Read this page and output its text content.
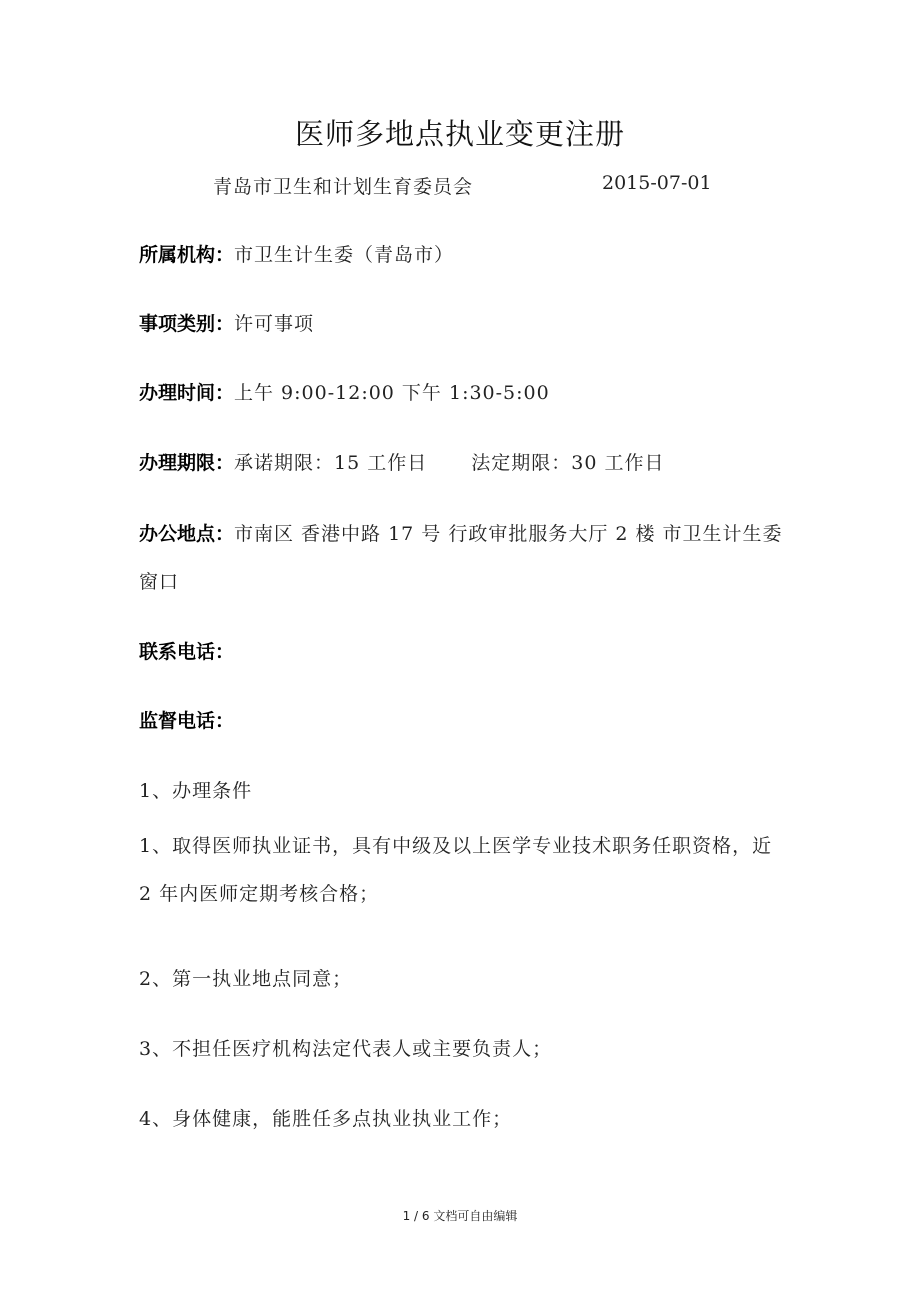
医师多地点执业变更注册
青岛市卫生和计划生育委员会	2015-07-01
所属机构：市卫生计生委（青岛市）
事项类别：许可事项
办理时间：上午 9:00-12:00 下午 1:30-5:00
办理期限：承诺期限：15 工作日 法定期限：30 工作日
办公地点：市南区 香港中路 17 号 行政审批服务大厅 2 楼 市卫生计生委窗口
联系电话：
监督电话：
1、办理条件
1、取得医师执业证书，具有中级及以上医学专业技术职务任职资格，近 2 年内医师定期考核合格；
2、第一执业地点同意；
3、不担任医疗机构法定代表人或主要负责人；
4、身体健康，能胜任多点执业执业工作；
1 / 6 文档可自由编辑
